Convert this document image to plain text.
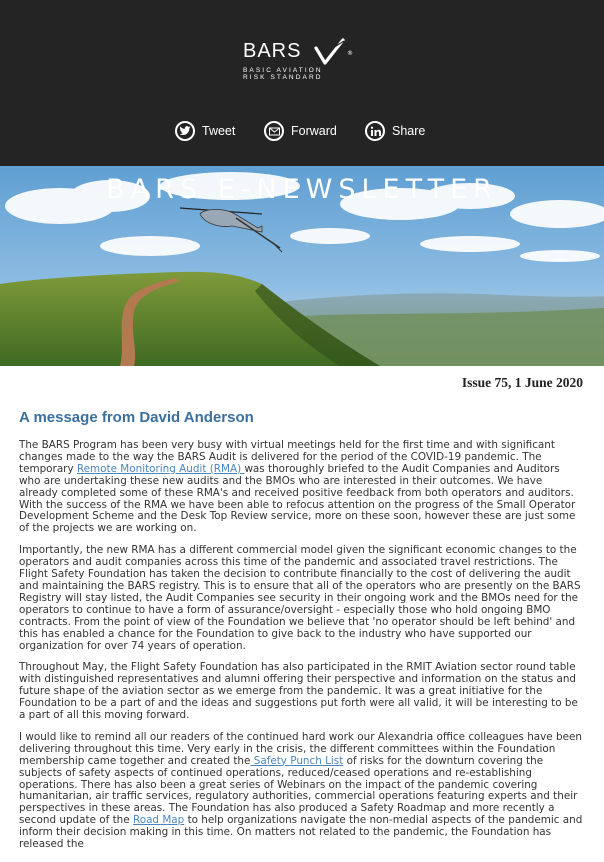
BARS	®
BASIC AVIATION
RISK STANDARD
Tweet	Forward	Share
BARS E-NEWSLETTER
Issue 75, 1 June 2020
A message from David Anderson

The BARS Program has been very busy with virtual meetings held for the first time and with significant changes made to the way the BARS Audit is delivered for the period of the COVID-19 pandemic. The temporary Remote Monitoring Audit (RMA) was thoroughly briefed to the Audit Companies and Auditors who are undertaking these new audits and the BMOs who are interested in their outcomes. We have already completed some of these RMA's and received positive feedback from both operators and auditors. With the success of the RMA we have been able to refocus attention on the progress of the Small Operator Development Scheme and the Desk Top Review service, more on these soon, however these are just some of the projects we are working on.

Importantly, the new RMA has a different commercial model given the significant economic changes to the operators and audit companies across this time of the pandemic and associated travel restrictions. The Flight Safety Foundation has taken the decision to contribute financially to the cost of delivering the audit and maintaining the BARS registry. This is to ensure that all of the operators who are presently on the BARS Registry will stay listed, the Audit Companies see security in their ongoing work and the BMOs need for the operators to continue to have a form of assurance/oversight - especially those who hold ongoing BMO contracts. From the point of view of the Foundation we believe that 'no operator should be left behind' and this has enabled a chance for the Foundation to give back to the industry who have supported our organization for over 74 years of operation.

Throughout May, the Flight Safety Foundation has also participated in the RMIT Aviation sector round table with distinguished representatives and alumni offering their perspective and information on the status and future shape of the aviation sector as we emerge from the pandemic. It was a great initiative for the Foundation to be a part of and the ideas and suggestions put forth were all valid, it will be interesting to be a part of all this moving forward.

I would like to remind all our readers of the continued hard work our Alexandria office colleagues have been delivering throughout this time. Very early in the crisis, the different committees within the Foundation membership came together and created the Safety Punch List of risks for the downturn covering the subjects of safety aspects of continued operations, reduced/ceased operations and re-establishing operations. There has also been a great series of Webinars on the impact of the pandemic covering humanitarian, air traffic services, regulatory authorities, commercial operations featuring experts and their perspectives in these areas. The Foundation has also produced a Safety Roadmap and more recently a second update of the Road Map to help organizations navigate the non-medial aspects of the pandemic and inform their decision making in this time. On matters not related to the pandemic, the Foundation has released the
